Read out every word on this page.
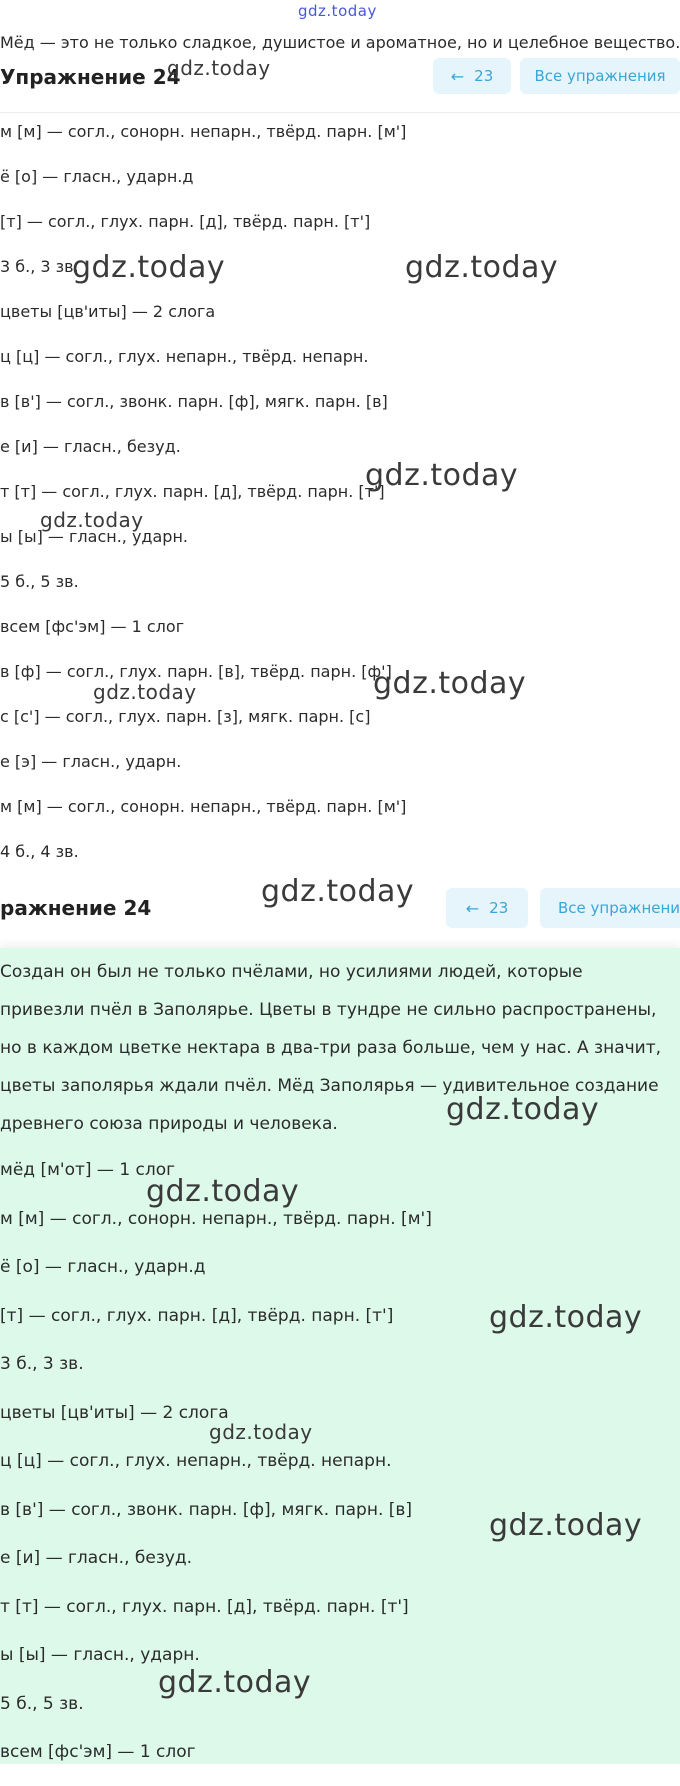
gdz.today
Мёд — это не только сладкое, душистое и ароматное, но и целебное вещество.
Упражнение 24	← 23	Все упражнения
м [м] — согл., сонорн. непарн., твёрд. парн. [м']
ё [о] — гласн., ударн.д
[т] — согл., глух. парн. [д], твёрд. парн. [т']
3 б., 3 зв.
цветы [цв'иты] — 2 слога
ц [ц] — согл., глух. непарн., твёрд. непарн.
в [в'] — согл., звонк. парн. [ф], мягк. парн. [в]
е [и] — гласн., безуд.
т [т] — согл., глух. парн. [д], твёрд. парн. [т']
ы [ы] — гласн., ударн.
5 б., 5 зв.
всем [фс'эм] — 1 слог
в [ф] — согл., глух. парн. [в], твёрд. парн. [ф']
с [с'] — согл., глух. парн. [з], мягк. парн. [с]
е [э] — гласн., ударн.
м [м] — согл., сонорн. непарн., твёрд. парн. [м']
4 б., 4 зв.
ражнение 24	← 23	Все упражнени
Создан он был не только пчёлами, но усилиями людей, которые
привезли пчёл в Заполярье. Цветы в тундре не сильно распространены,
но в каждом цветке нектара в два-три раза больше, чем у нас. А значит,
цветы заполярья ждали пчёл. Мёд Заполярья — удивительное создание
древнего союза природы и человека.
мёд [м'от] — 1 слог
м [м] — согл., сонорн. непарн., твёрд. парн. [м']
ё [о] — гласн., ударн.д
[т] — согл., глух. парн. [д], твёрд. парн. [т']
3 б., 3 зв.
цветы [цв'иты] — 2 слога
ц [ц] — согл., глух. непарн., твёрд. непарн.
в [в'] — согл., звонк. парн. [ф], мягк. парн. [в]
е [и] — гласн., безуд.
т [т] — согл., глух. парн. [д], твёрд. парн. [т']
ы [ы] — гласн., ударн.
5 б., 5 зв.
всем [фс'эм] — 1 слог
gdz.today
gdz.today	gdz.today
gdz.today
gdz.today
gdz.today
gdz.today
gdz.today
gdz.today
gdz.today
gdz.today
gdz.today
gdz.today
gdz.today
